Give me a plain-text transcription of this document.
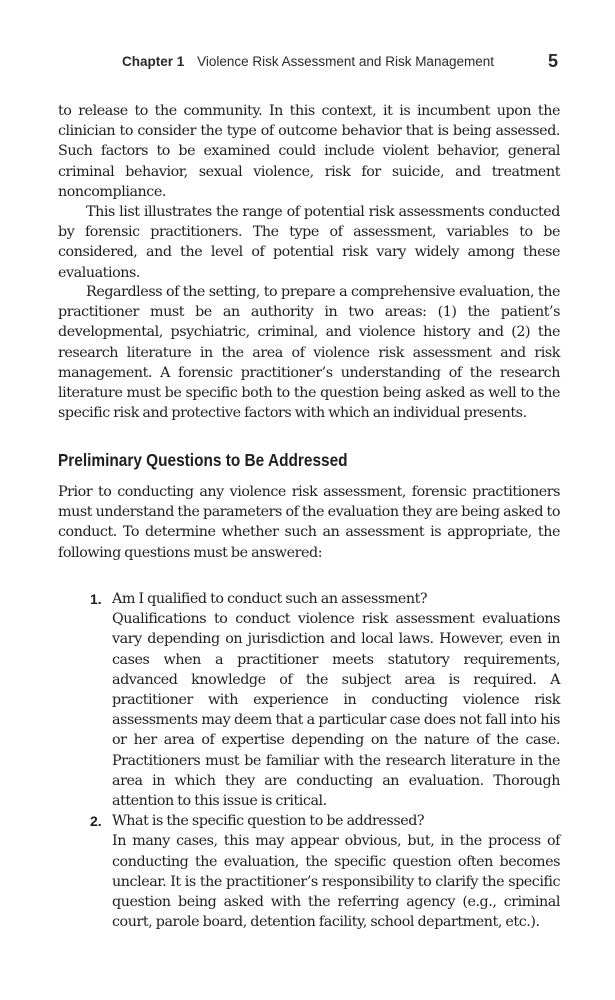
Chapter 1 Violence Risk Assessment and Risk Management	5

to release to the community. In this context, it is incumbent upon the clinician to consider the type of outcome behavior that is being assessed. Such factors to be examined could include violent behavior, general criminal behavior, sexual violence, risk for suicide, and treatment noncompliance.

This list illustrates the range of potential risk assessments conducted by forensic practitioners. The type of assessment, variables to be considered, and the level of potential risk vary widely among these evaluations.

Regardless of the setting, to prepare a comprehensive evaluation, the practitioner must be an authority in two areas: (1) the patient’s developmental, psychiatric, criminal, and violence history and (2) the research literature in the area of violence risk assessment and risk management. A forensic practitioner’s understanding of the research literature must be specific both to the question being asked as well to the specific risk and protective factors with which an individual presents.

Preliminary Questions to Be Addressed

Prior to conducting any violence risk assessment, forensic practitioners must understand the parameters of the evaluation they are being asked to conduct. To determine whether such an assessment is appropriate, the following questions must be answered:

1. Am I qualified to conduct such an assessment?
Qualifications to conduct violence risk assessment evaluations vary depending on jurisdiction and local laws. However, even in cases when a practitioner meets statutory requirements, advanced knowledge of the subject area is required. A practitioner with experience in conducting violence risk assessments may deem that a particular case does not fall into his or her area of expertise depending on the nature of the case. Practitioners must be familiar with the research literature in the area in which they are conducting an evaluation. Thorough attention to this issue is critical.
2. What is the specific question to be addressed?
In many cases, this may appear obvious, but, in the process of conducting the evaluation, the specific question often becomes unclear. It is the practitioner’s responsibility to clarify the specific question being asked with the referring agency (e.g., criminal court, parole board, detention facility, school department, etc.).
